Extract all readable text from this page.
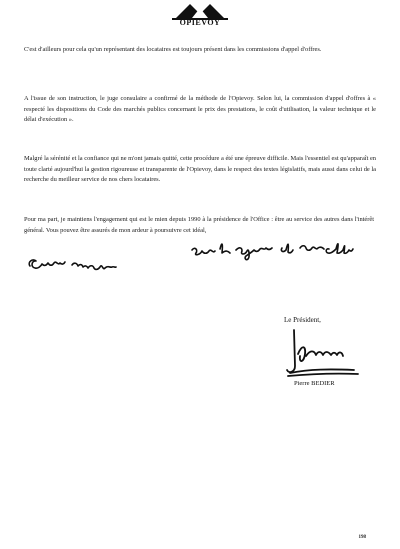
OPIEVOY

C'est d'ailleurs pour cela qu'un représentant des locataires est toujours présent dans les commissions d'appel d'offres.

A l'issue de son instruction, le juge consulaire a confirmé de la méthode de l'Opievoy. Selon lui, la commission d'appel d'offres à « respecté les dispositions du Code des marchés publics concernant le prix des prestations, le coût d'utilisation, la valeur technique et le délai d'exécution ».

Malgré la sérénité et la confiance qui ne m'ont jamais quitté, cette procédure a été une épreuve difficile. Mais l'essentiel est qu'apparaît en toute clarté aujourd'hui la gestion rigoureuse et transparente de l'Opievoy, dans le respect des textes législatifs, mais aussi dans celui de la recherche du meilleur service de nos chers locataires.

Pour ma part, je maintiens l'engagement qui est le mien depuis 1990 à la présidence de l'Office : être au service des autres dans l'intérêt général. Vous pouvez être assurés de mon ardeur à poursuivre cet idéal,

Le Président,
Pierre BEDIER
198
